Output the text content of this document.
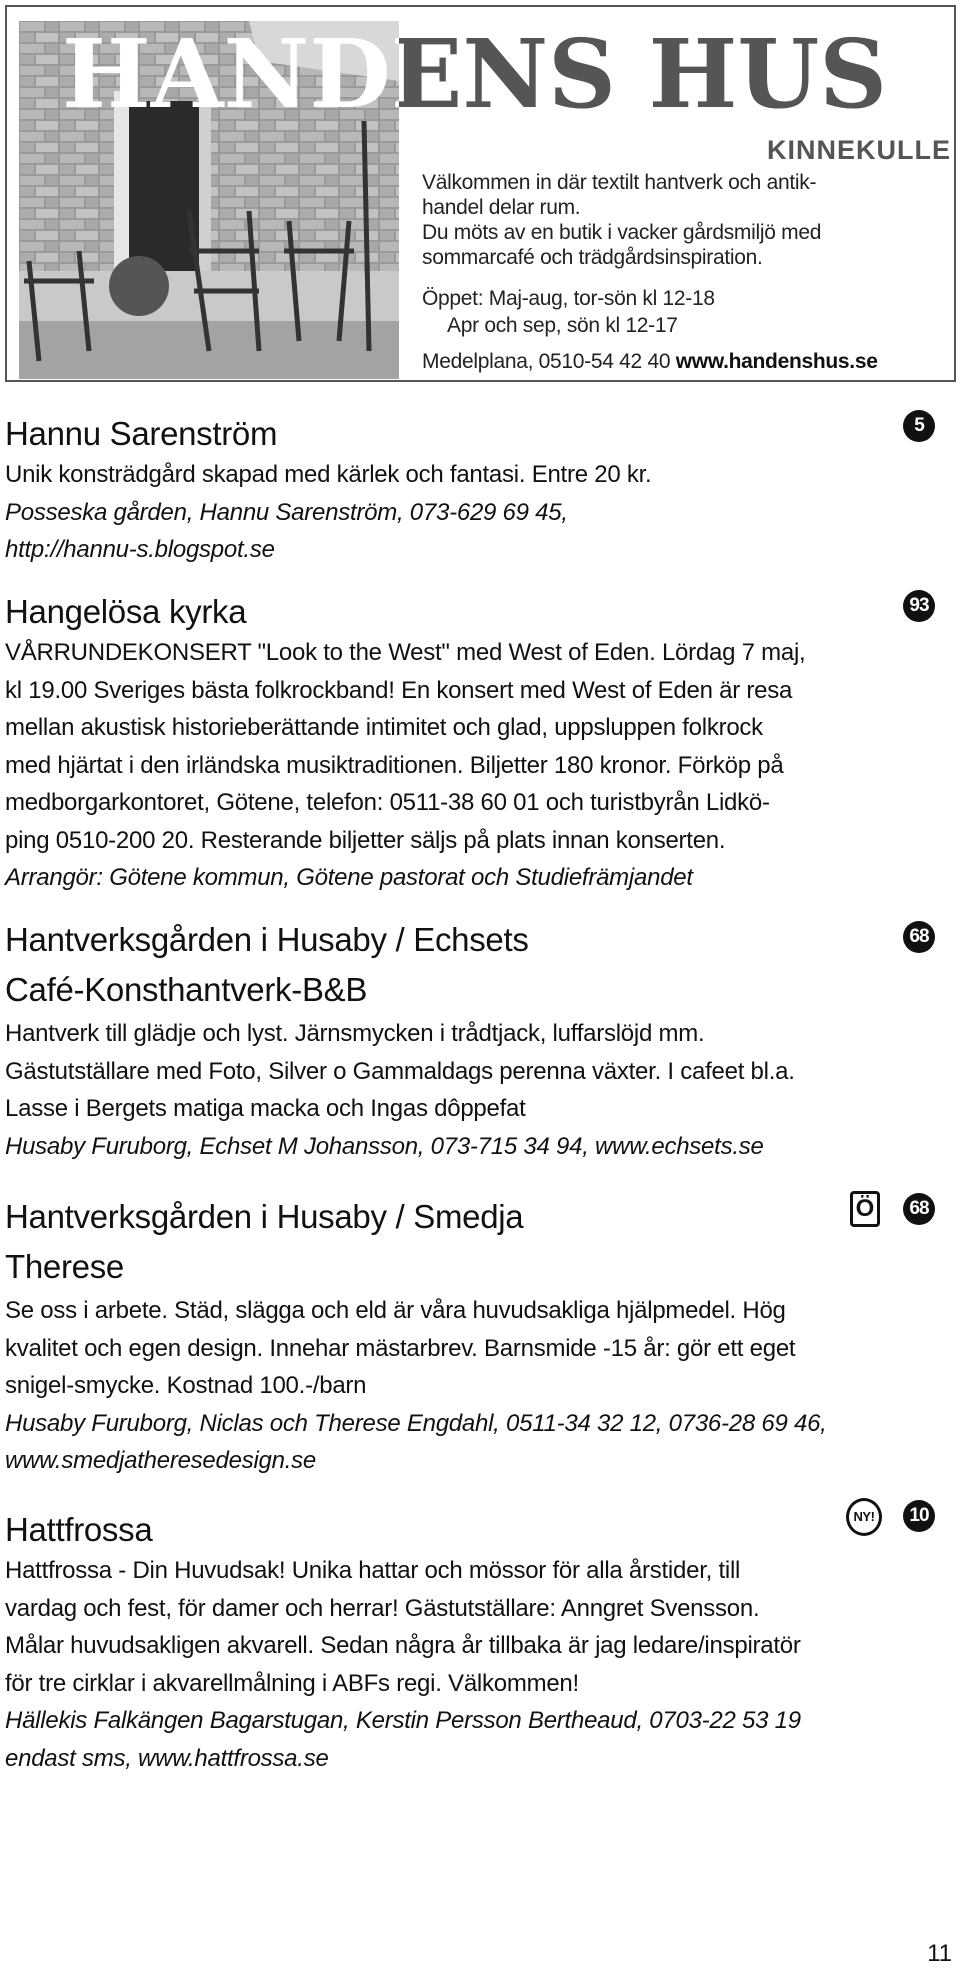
HANDENS HUS
KINNEKULLE
Välkommen in där textilt hantverk och antik-
handel delar rum.
Du möts av en butik i vacker gårdsmiljö med
sommarcafé och trädgårdsinspiration.
Öppet: Maj-aug, tor-sön kl 12-18
Apr och sep, sön kl 12-17
Medelplana, 0510-54 42 40 www.handenshus.se
Hannu Sarenström	5
Unik konsträdgård skapad med kärlek och fantasi. Entre 20 kr.
Posseska gården, Hannu Sarenström, 073-629 69 45,
http://hannu-s.blogspot.se
Hangelösa kyrka	93
VÅRRUNDEKONSERT "Look to the West" med West of Eden. Lördag 7 maj,
kl 19.00 Sveriges bästa folkrockband! En konsert med West of Eden är resa
mellan akustisk historieberättande intimitet och glad, uppsluppen folkrock
med hjärtat i den irländska musiktraditionen. Biljetter 180 kronor. Förköp på
medborgarkontoret, Götene, telefon: 0511-38 60 01 och turistbyrån Lidkö-
ping 0510-200 20. Resterande biljetter säljs på plats innan konserten.
Arrangör: Götene kommun, Götene pastorat och Studiefrämjandet
Hantverksgården i Husaby / Echsets
Café-Konsthantverk-B&B
68
Hantverk till glädje och lyst. Järnsmycken i trådtjack, luffarslöjd mm.
Gästutställare med Foto, Silver o Gammaldags perenna växter. I cafeet bl.a.
Lasse i Bergets matiga macka och Ingas dôppefat
Husaby Furuborg, Echset M Johansson, 073-715 34 94, www.echsets.se
Hantverksgården i Husaby / Smedja
Therese
Ö	68
Se oss i arbete. Städ, slägga och eld är våra huvudsakliga hjälpmedel. Hög
kvalitet och egen design. Innehar mästarbrev. Barnsmide -15 år: gör ett eget
snigel-smycke. Kostnad 100.-/barn
Husaby Furuborg, Niclas och Therese Engdahl, 0511-34 32 12, 0736-28 69 46,
www.smedjatheresedesign.se
Hattfrossa	NY!	10
Hattfrossa - Din Huvudsak! Unika hattar och mössor för alla årstider, till
vardag och fest, för damer och herrar! Gästutställare: Anngret Svensson.
Målar huvudsakligen akvarell. Sedan några år tillbaka är jag ledare/inspiratör
för tre cirklar i akvarellmålning i ABFs regi. Välkommen!
Hällekis Falkängen Bagarstugan, Kerstin Persson Bertheaud, 0703-22 53 19
endast sms, www.hattfrossa.se
11
